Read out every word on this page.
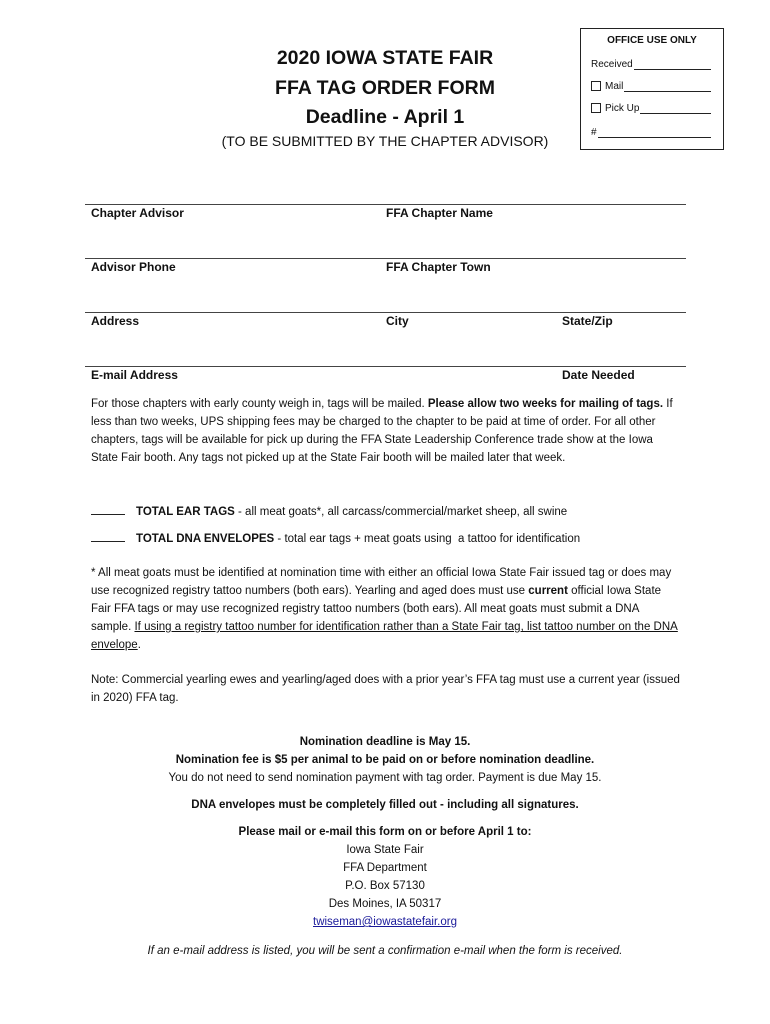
2020 IOWA STATE FAIR
FFA TAG ORDER FORM
Deadline - April 1
(TO BE SUBMITTED BY THE CHAPTER ADVISOR)
OFFICE USE ONLY
Received
Mail
Pick Up
#
Chapter Advisor	FFA Chapter Name
Advisor Phone	FFA Chapter Town
Address	City	State/Zip
E-mail Address	Date Needed
For those chapters with early county weigh in, tags will be mailed. Please allow two weeks for mailing of tags. If less than two weeks, UPS shipping fees may be charged to the chapter to be paid at time of order. For all other chapters, tags will be available for pick up during the FFA State Leadership Conference trade show at the Iowa State Fair booth. Any tags not picked up at the State Fair booth will be mailed later that week.
TOTAL EAR TAGS - all meat goats*, all carcass/commercial/market sheep, all swine
TOTAL DNA ENVELOPES - total ear tags + meat goats using  a tattoo for identification
* All meat goats must be identified at nomination time with either an official Iowa State Fair issued tag or does may use recognized registry tattoo numbers (both ears). Yearling and aged does must use current official Iowa State Fair FFA tags or may use recognized registry tattoo numbers (both ears). All meat goats must submit a DNA sample. If using a registry tattoo number for identification rather than a State Fair tag, list tattoo number on the DNA envelope.
Note: Commercial yearling ewes and yearling/aged does with a prior year’s FFA tag must use a current year (issued in 2020) FFA tag.
Nomination deadline is May 15.
Nomination fee is $5 per animal to be paid on or before nomination deadline.
You do not need to send nomination payment with tag order. Payment is due May 15.
DNA envelopes must be completely filled out - including all signatures.
Please mail or e-mail this form on or before April 1 to:
Iowa State Fair
FFA Department
P.O. Box 57130
Des Moines, IA 50317
twiseman@iowastatefair.org
If an e-mail address is listed, you will be sent a confirmation e-mail when the form is received.
